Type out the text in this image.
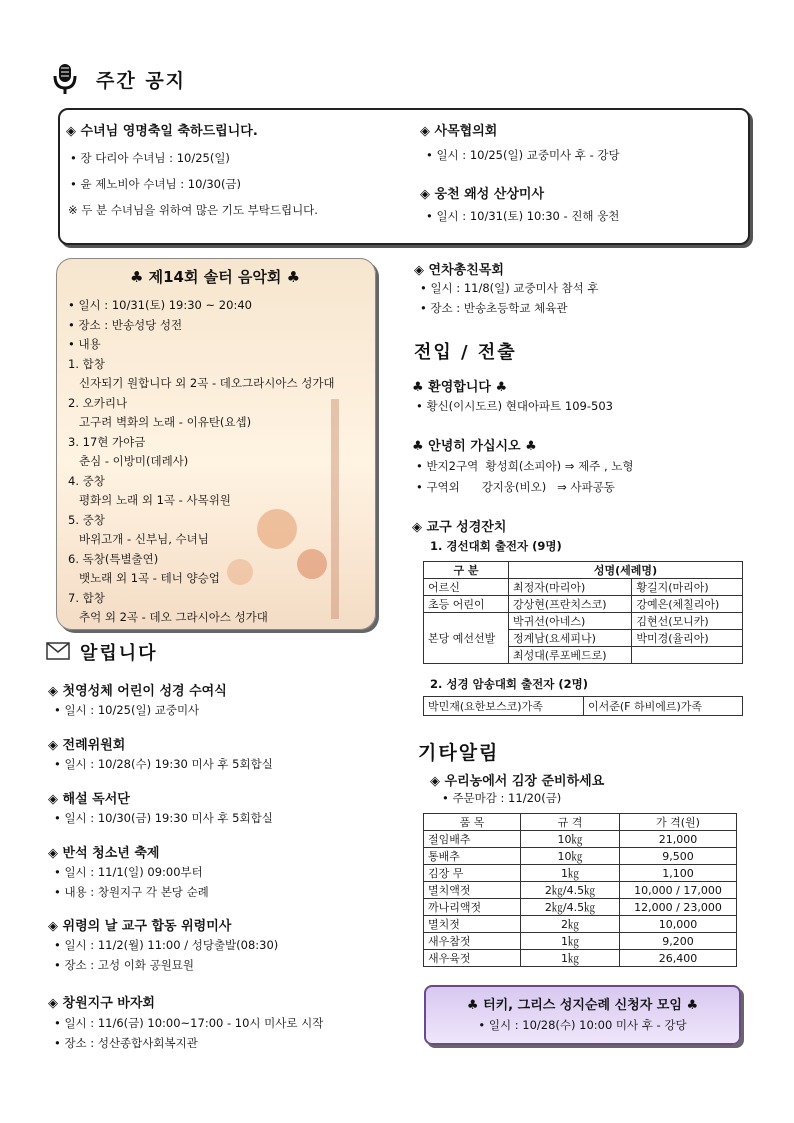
주간 공지
◈ 수녀님 영명축일 축하드립니다.
• 장 다리아 수녀님 : 10/25(일)
• 윤 제노비아 수녀님 : 10/30(금)
※ 두 분 수녀님을 위하여 많은 기도 부탁드립니다.
◈ 사목협의회
• 일시 : 10/25(일) 교중미사 후 - 강당
◈ 웅천 왜성 산상미사
• 일시 : 10/31(토) 10:30 - 진해 웅천
♣ 제14회 솔터 음악회 ♣
• 일시 : 10/31(토) 19:30 ~ 20:40
• 장소 : 반송성당 성전
• 내용
1. 합창
신자되기 원합니다 외 2곡 - 데오그라시아스 성가대
2. 오카리나
고구려 벽화의 노래 - 이유탄(요셉)
3. 17현 가야금
춘심 - 이방미(데레사)
4. 중창
평화의 노래 외 1곡 - 사목위원
5. 중창
바위고개 - 신부님, 수녀님
6. 독창(특별출연)
뱃노래 외 1곡 - 테너 양승업
7. 합창
추억 외 2곡 - 데오 그라시아스 성가대
알립니다
◈ 첫영성체 어린이 성경 수여식
• 일시 : 10/25(일) 교중미사
◈ 전례위원회
• 일시 : 10/28(수) 19:30 미사 후 5회합실
◈ 해설 독서단
• 일시 : 10/30(금) 19:30 미사 후 5회합실
◈ 반석 청소년 축제
• 일시 : 11/1(일) 09:00부터
• 내용 : 창원지구 각 본당 순례
◈ 위령의 날 교구 합동 위령미사
• 일시 : 11/2(월) 11:00 / 성당출발(08:30)
• 장소 : 고성 이화 공원묘원
◈ 창원지구 바자회
• 일시 : 11/6(금) 10:00~17:00 - 10시 미사로 시작
• 장소 : 성산종합사회복지관
◈ 연차총친목회
• 일시 : 11/8(일) 교중미사 참석 후
• 장소 : 반송초등학교 체육관
전입 / 전출
♣ 환영합니다 ♣
• 황신(이시도르) 현대아파트 109-503
♣ 안녕히 가십시오 ♣
• 반지2구역  황성희(소피아) ⇒ 제주 , 노형
• 구역외      강지웅(비오)   ⇒ 사파공동
◈ 교구 성경잔치
1. 경선대회 출전자 (9명)
구 분	성명(세례명)	
어르신	최정자(마리아)	황길지(마리아)
초등 어린이	강상현(프란치스코)	강예은(체칠리아)
본당 예선선발	박귀선(아네스)	김현선(모니카)
	정계남(요세피나)	박미경(율리아)
	최성대(루포베드로)	
2. 성경 암송대회 출전자 (2명)
박민재(요한보스코)가족	이서준(F 하비에르)가족
기타알림
◈ 우리농에서 김장 준비하세요
• 주문마감 : 11/20(금)
품 목	규 격	가 격(원)
절임배추	10㎏	21,000
통배추	10㎏	9,500
김장 무	1㎏	1,100
멸치액젓	2㎏/4.5㎏	10,000 / 17,000
까나리액젓	2㎏/4.5㎏	12,000 / 23,000
멸치젓	2㎏	10,000
새우참젓	1㎏	9,200
새우육젓	1㎏	26,400
♣ 터키, 그리스 성지순례 신청자 모임 ♣
• 일시 : 10/28(수) 10:00 미사 후 - 강당
